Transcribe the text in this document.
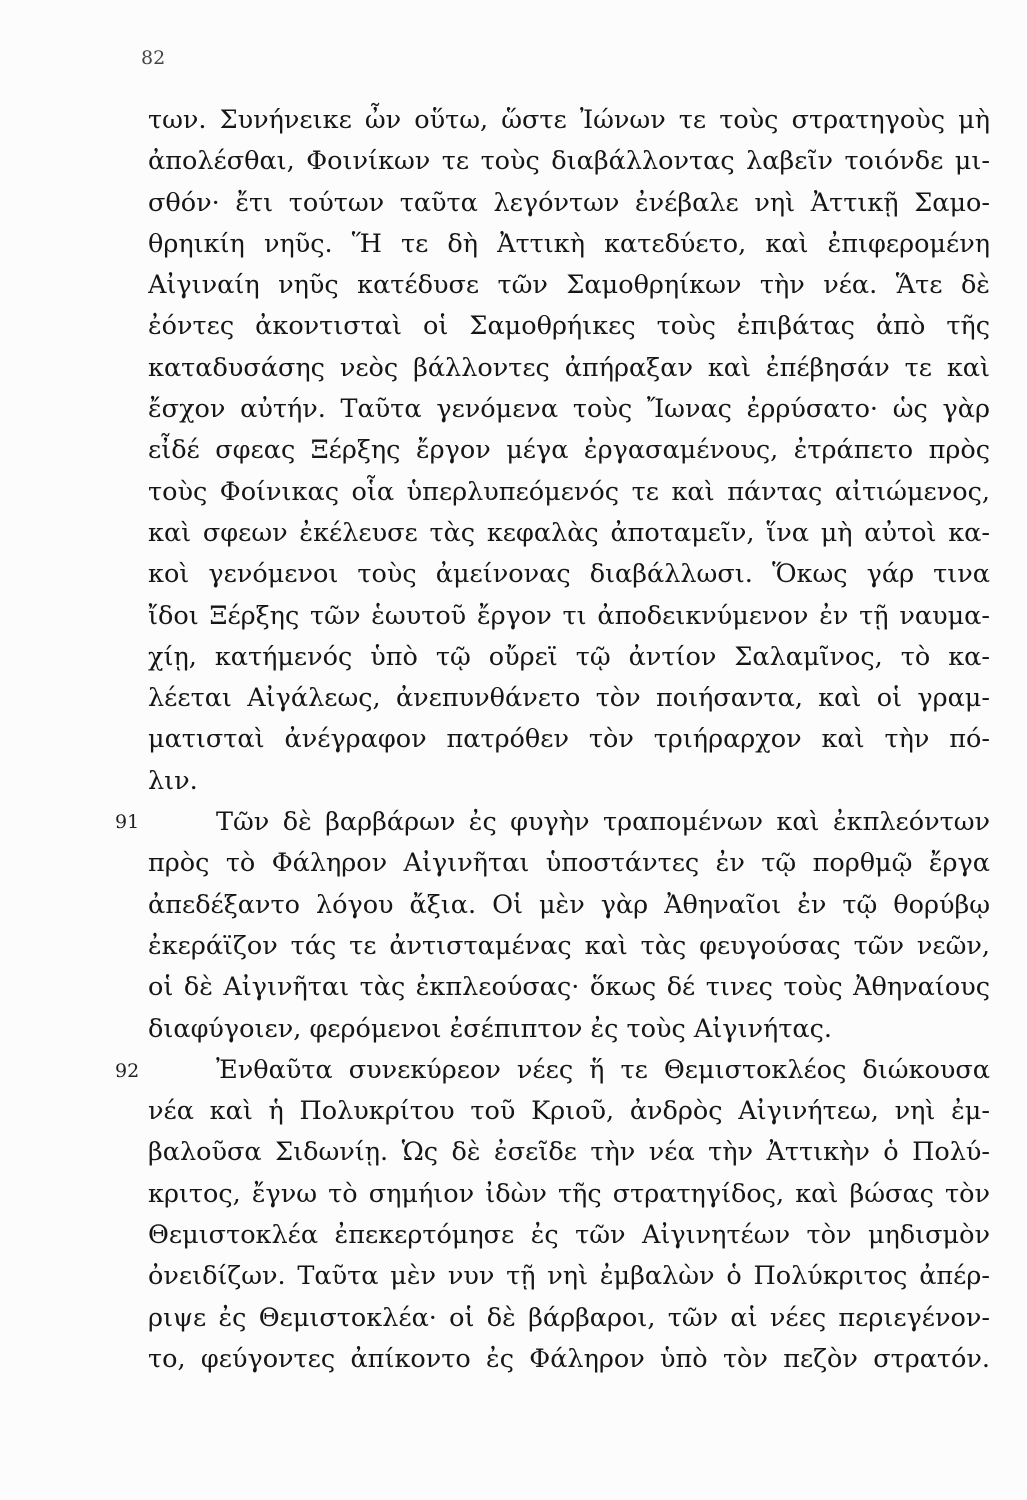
82
91
92
των. Συνήνεικε ὦν οὕτω, ὥστε Ἰώνων τε τοὺς στρατηγοὺς μὴ
ἀπολέσθαι, Φοινίκων τε τοὺς διαβάλλοντας λαβεῖν τοιόνδε μι-
σθόν· ἔτι τούτων ταῦτα λεγόντων ἐνέβαλε νηὶ Ἀττικῇ Σαμο-
θρηικίη νηῦς. Ἥ τε δὴ Ἀττικὴ κατεδύετο, καὶ ἐπιφερομένη
Αἰγιναίη νηῦς κατέδυσε τῶν Σαμοθρηίκων τὴν νέα. Ἅτε δὲ
ἐόντες ἀκοντισταὶ οἱ Σαμοθρήικες τοὺς ἐπιβάτας ἀπὸ τῆς
καταδυσάσης νεὸς βάλλοντες ἀπήραξαν καὶ ἐπέβησάν τε καὶ
ἔσχον αὐτήν. Ταῦτα γενόμενα τοὺς Ἴωνας ἐρρύσατο· ὡς γὰρ
εἶδέ σφεας Ξέρξης ἔργον μέγα ἐργασαμένους, ἐτράπετο πρὸς
τοὺς Φοίνικας οἷα ὑπερλυπεόμενός τε καὶ πάντας αἰτιώμενος,
καὶ σφεων ἐκέλευσε τὰς κεφαλὰς ἀποταμεῖν, ἵνα μὴ αὐτοὶ κα-
κοὶ γενόμενοι τοὺς ἀμείνονας διαβάλλωσι. Ὅκως γάρ τινα
ἴδοι Ξέρξης τῶν ἑωυτοῦ ἔργον τι ἀποδεικνύμενον ἐν τῇ ναυμα-
χίῃ, κατήμενός ὑπὸ τῷ οὔρεϊ τῷ ἀντίον Σαλαμῖνος, τὸ κα-
λέεται Αἰγάλεως, ἀνεπυνθάνετο τὸν ποιήσαντα, καὶ οἱ γραμ-
ματισταὶ ἀνέγραφον πατρόθεν τὸν τριήραρχον καὶ τὴν πό-
λιν.
Τῶν δὲ βαρβάρων ἐς φυγὴν τραπομένων καὶ ἐκπλεόντων
πρὸς τὸ Φάληρον Αἰγινῆται ὑποστάντες ἐν τῷ πορθμῷ ἔργα
ἀπεδέξαντο λόγου ἄξια. Οἱ μὲν γὰρ Ἀθηναῖοι ἐν τῷ θορύβῳ
ἐκεράϊζον τάς τε ἀντισταμένας καὶ τὰς φευγούσας τῶν νεῶν,
οἱ δὲ Αἰγινῆται τὰς ἐκπλεούσας· ὅκως δέ τινες τοὺς Ἀθηναίους
διαφύγοιεν, φερόμενοι ἐσέπιπτον ἐς τοὺς Αἰγινήτας.
Ἐνθαῦτα συνεκύρεον νέες ἥ τε Θεμιστοκλέος διώκουσα
νέα καὶ ἡ Πολυκρίτου τοῦ Κριοῦ, ἀνδρὸς Αἰγινήτεω, νηὶ ἐμ-
βαλοῦσα Σιδωνίῃ. Ὡς δὲ ἐσεῖδε τὴν νέα τὴν Ἀττικὴν ὁ Πολύ-
κριτος, ἔγνω τὸ σημήιον ἰδὼν τῆς στρατηγίδος, καὶ βώσας τὸν
Θεμιστοκλέα ἐπεκερτόμησε ἐς τῶν Αἰγινητέων τὸν μηδισμὸν
ὀνειδίζων. Ταῦτα μὲν νυν τῇ νηὶ ἐμβαλὼν ὁ Πολύκριτος ἀπέρ-
ριψε ἐς Θεμιστοκλέα· οἱ δὲ βάρβαροι, τῶν αἱ νέες περιεγένον-
το, φεύγοντες ἀπίκοντο ἐς Φάληρον ὑπὸ τὸν πεζὸν στρατόν.
